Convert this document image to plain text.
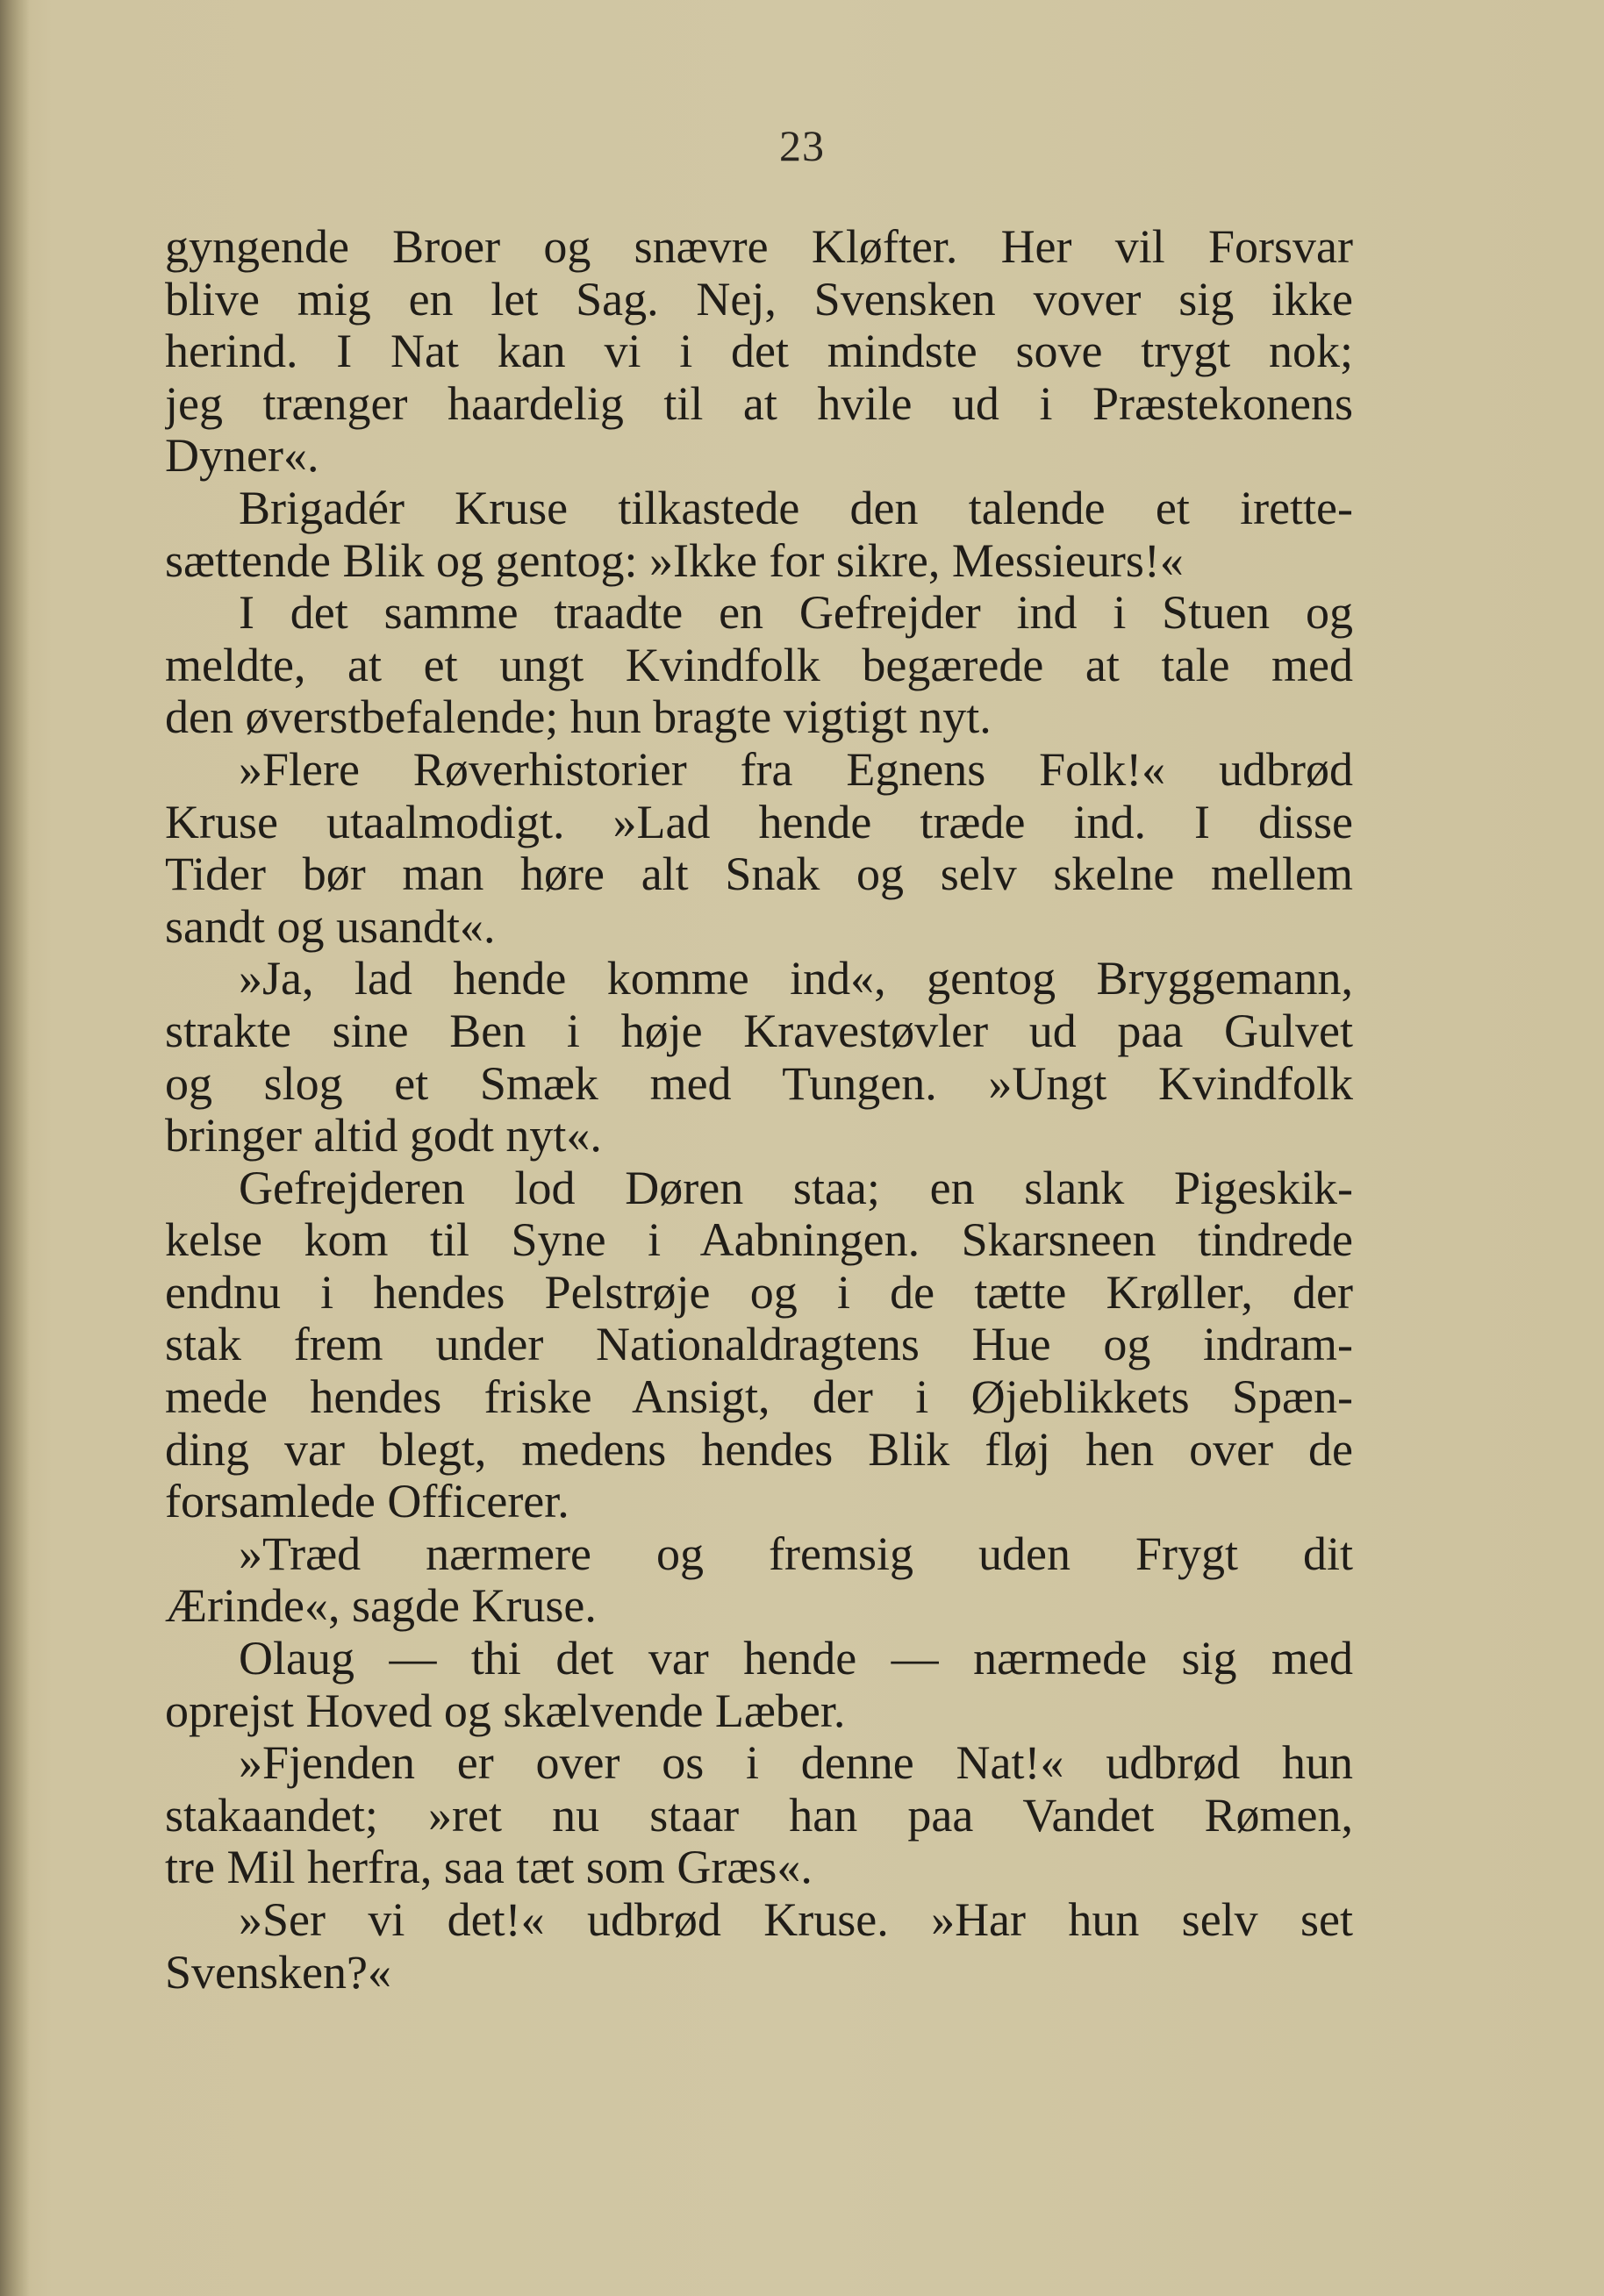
23
gyngende Broer og snævre Kløfter. Her vil Forsvar
blive mig en let Sag. Nej, Svensken vover sig ikke
herind. I Nat kan vi i det mindste sove trygt nok;
jeg trænger haardelig til at hvile ud i Præstekonens
Dyner«.
Brigadér Kruse tilkastede den talende et irette-
sættende Blik og gentog: »Ikke for sikre, Messieurs!«
I det samme traadte en Gefrejder ind i Stuen og
meldte, at et ungt Kvindfolk begærede at tale med
den øverstbefalende; hun bragte vigtigt nyt.
»Flere Røverhistorier fra Egnens Folk!« udbrød
Kruse utaalmodigt. »Lad hende træde ind. I disse
Tider bør man høre alt Snak og selv skelne mellem
sandt og usandt«.
»Ja, lad hende komme ind«, gentog Bryggemann,
strakte sine Ben i høje Kravestøvler ud paa Gulvet
og slog et Smæk med Tungen. »Ungt Kvindfolk
bringer altid godt nyt«.
Gefrejderen lod Døren staa; en slank Pigeskik-
kelse kom til Syne i Aabningen. Skarsneen tindrede
endnu i hendes Pelstrøje og i de tætte Krøller, der
stak frem under Nationaldragtens Hue og indram-
mede hendes friske Ansigt, der i Øjeblikkets Spæn-
ding var blegt, medens hendes Blik fløj hen over de
forsamlede Officerer.
»Træd nærmere og fremsig uden Frygt dit
Ærinde«, sagde Kruse.
Olaug — thi det var hende — nærmede sig med
oprejst Hoved og skælvende Læber.
»Fjenden er over os i denne Nat!« udbrød hun
stakaandet; »ret nu staar han paa Vandet Rømen,
tre Mil herfra, saa tæt som Græs«.
»Ser vi det!« udbrød Kruse. »Har hun selv set
Svensken?«
